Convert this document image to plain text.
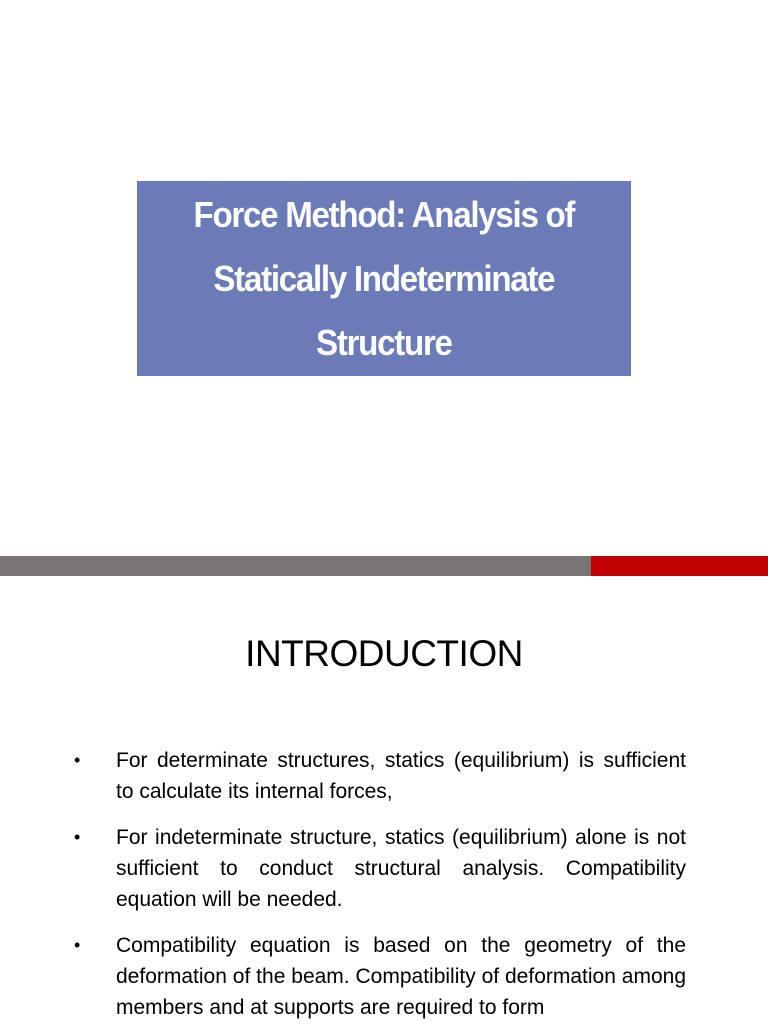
Force Method: Analysis of
Statically Indeterminate
Structure
INTRODUCTION
• For determinate structures, statics (equilibrium) is sufficient to calculate its internal forces,
• For indeterminate structure, statics (equilibrium) alone is not sufficient to conduct structural analysis. Compatibility equation will be needed.
• Compatibility equation is based on the geometry of the deformation of the beam. Compatibility of deformation among members and at supports are required to form
